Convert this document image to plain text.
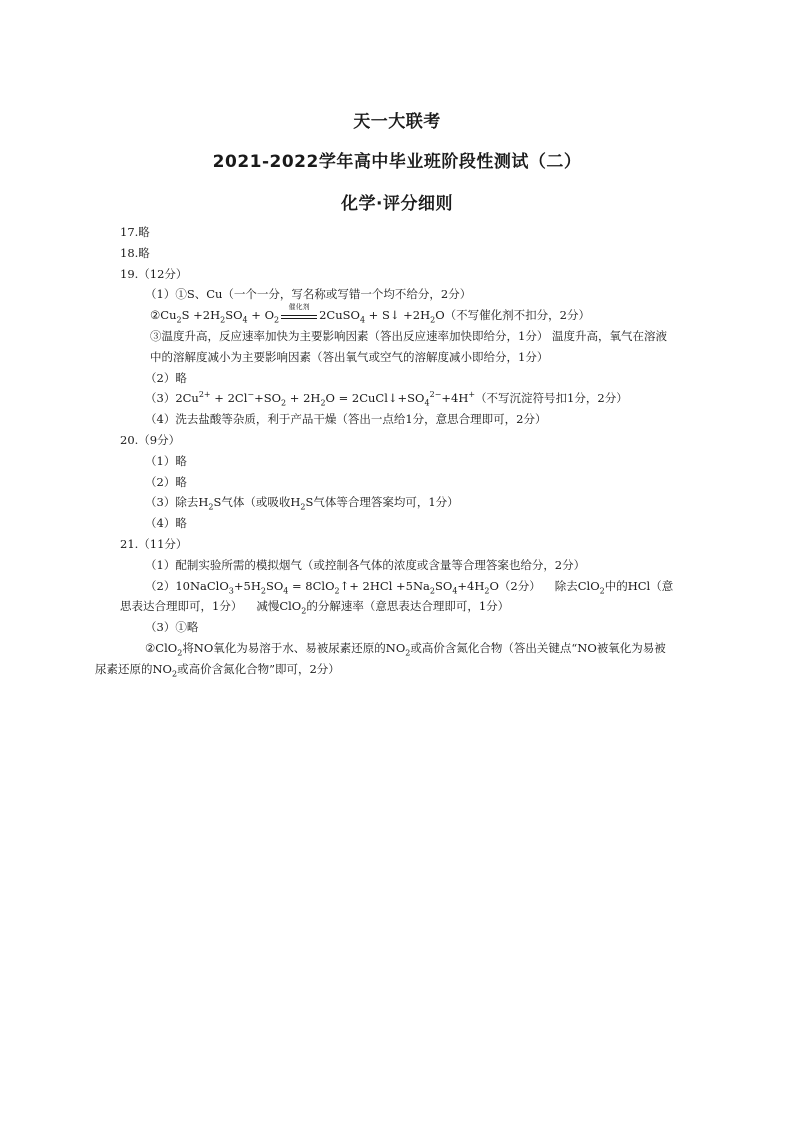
天一大联考
2021-2022学年高中毕业班阶段性测试（二）
化学·评分细则

17.略

18.略

19.（12分）

（1）①S、Cu（一个一分，写名称或写错一个均不给分，2分）

$②Cu_2S +2H_2SO_4 + O_2$
催化剂
2CuSO$_4$ + S↓ $+2H_2O$（不写催化剂不扣分，2分）

③温度升高，反应速率加快为主要影响因素（答出反应速率加快即给分，1分） 温度升高，氧气在溶液中的溶解度减小为主要影响因素（答出氧气或空气的溶解度减小即给分，1分）

（2）略

$(3)2Cu^{2+} + 2Cl^-+SO_2 + 2H_2O$ = $2CuCl↓+SO_4^{2-}+4H^+$（不写沉淀符号扣1分，2分）

（4）洗去盐酸等杂质，利于产品干燥（答出一点给1分，意思合理即可，2分）

20.（9分）

（1）略

（2）略

（3）除去$H_2S$气体（或吸收$H_2S$气体等合理答案均可，1分）

（4）略

21.（11分）

（1）配制实验所需的模拟烟气（或控制各气体的浓度或含量等合理答案也给分，2分）

$(2)10NaClO_3+5H_2SO_4$ = 8ClO$_2$↑+ $2HCl +5Na_2SO_4+4H_2O(2$分） 除去ClO$_2$中的HCl（意思表达合理即可，1分） 减慢ClO$_2$的分解速率（意思表达合理即可，1分）

（3）①略

②ClO$_2$将NO氧化为易溶于水、易被尿素还原的$NO_2$或高价含氮化合物（答出关键点“NO被氧化为易被尿素还原的$NO_2$或高价含氮化合物”即可，2分）
